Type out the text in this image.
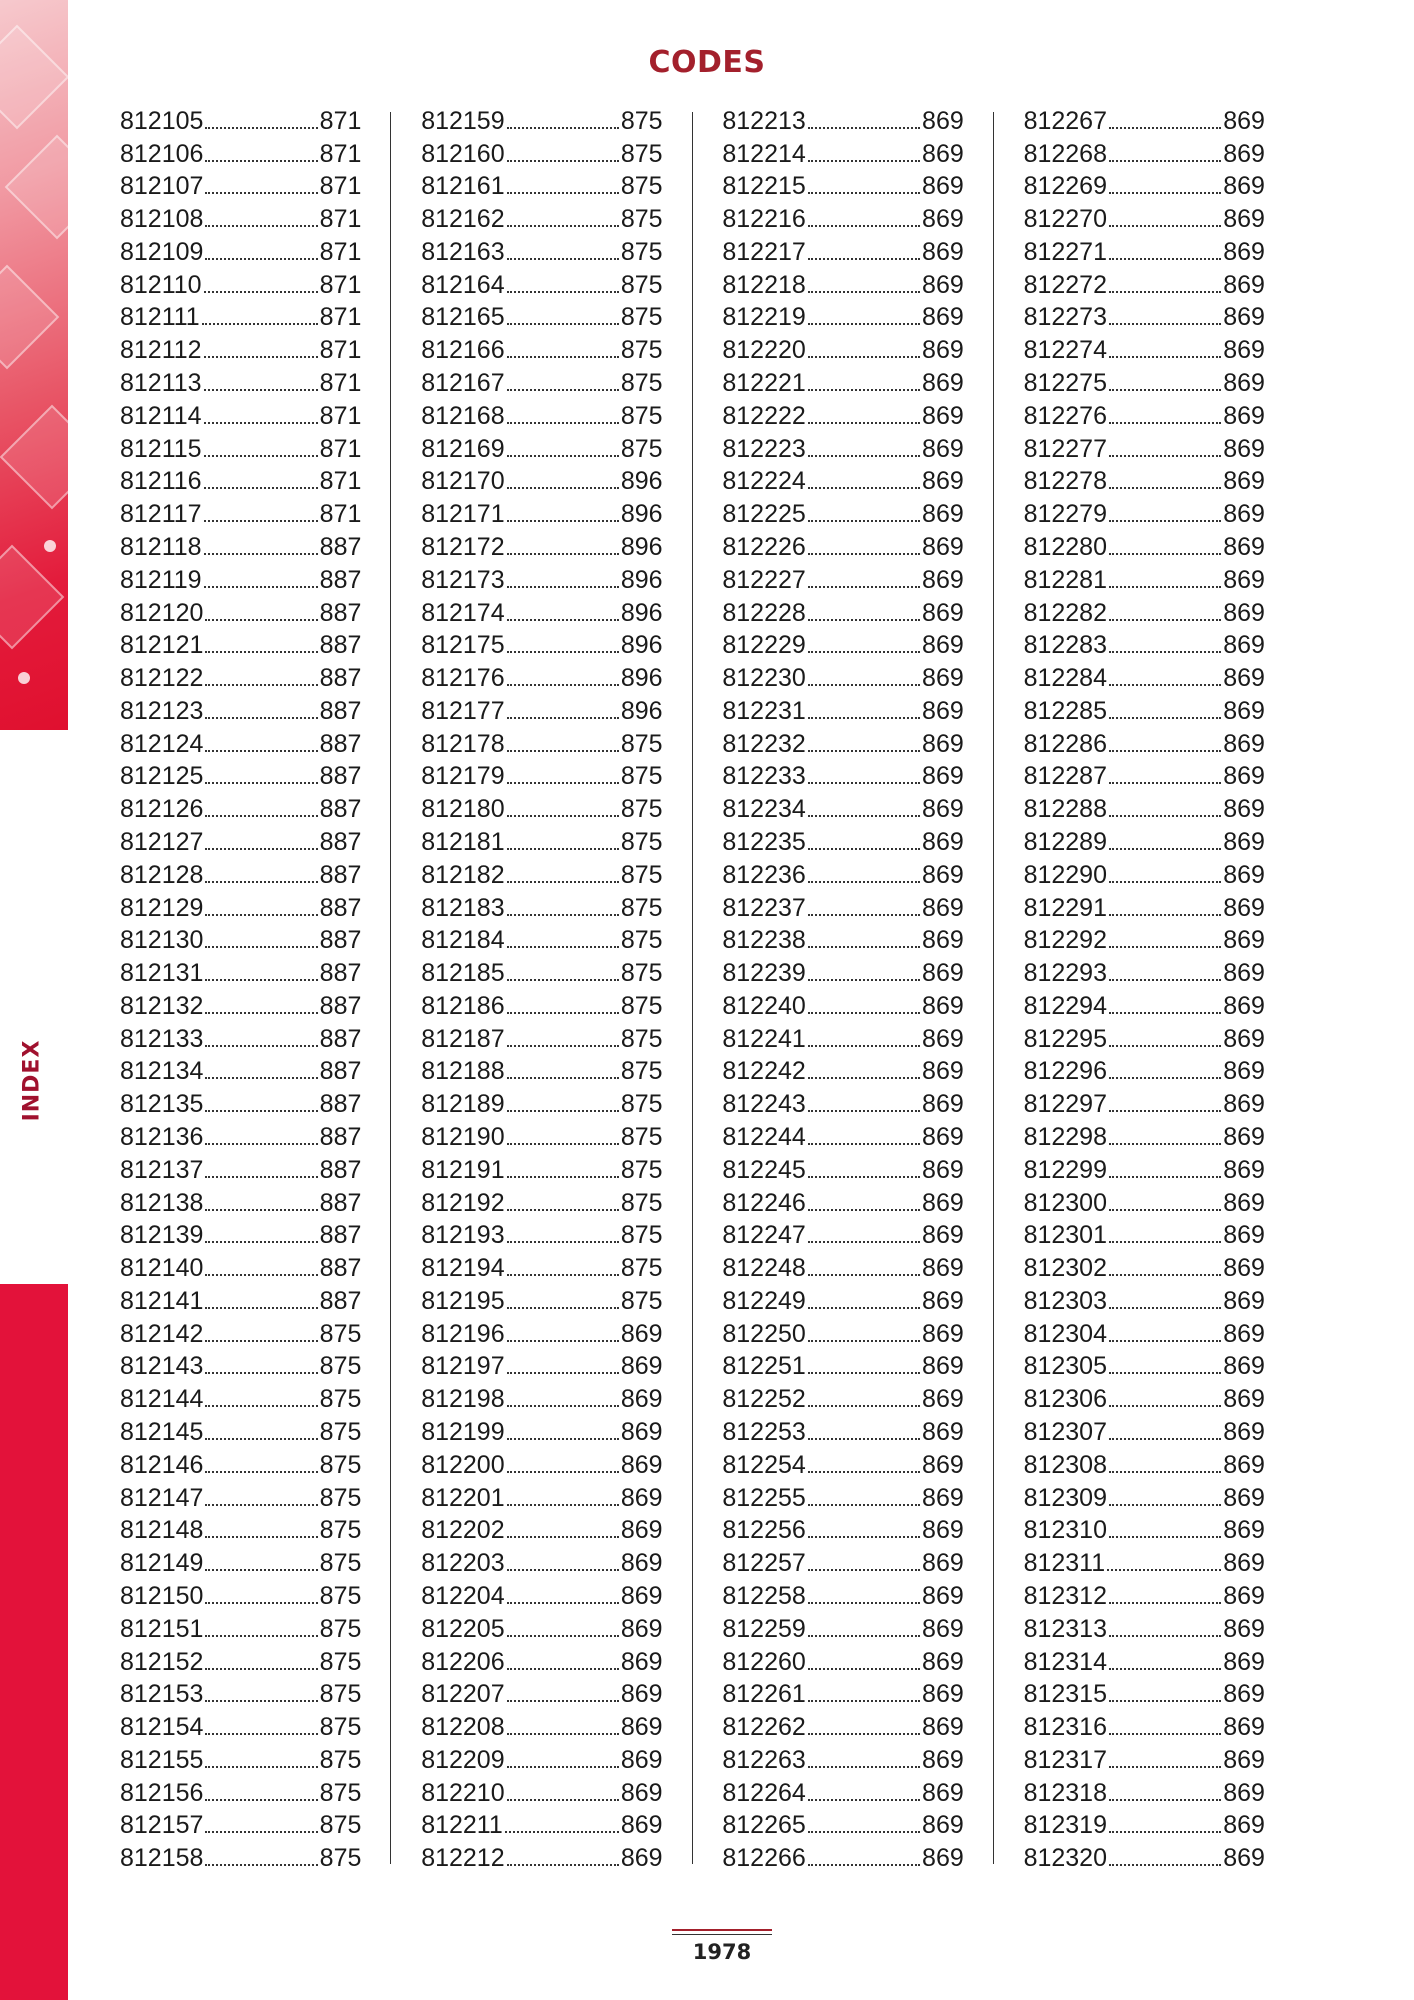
INDEX
CODES
812105	871
812106	871
812107	871
812108	871
812109	871
812110	871
812111	871
812112	871
812113	871
812114	871
812115	871
812116	871
812117	871
812118	887
812119	887
812120	887
812121	887
812122	887
812123	887
812124	887
812125	887
812126	887
812127	887
812128	887
812129	887
812130	887
812131	887
812132	887
812133	887
812134	887
812135	887
812136	887
812137	887
812138	887
812139	887
812140	887
812141	887
812142	875
812143	875
812144	875
812145	875
812146	875
812147	875
812148	875
812149	875
812150	875
812151	875
812152	875
812153	875
812154	875
812155	875
812156	875
812157	875
812158	875
812159	875
812160	875
812161	875
812162	875
812163	875
812164	875
812165	875
812166	875
812167	875
812168	875
812169	875
812170	896
812171	896
812172	896
812173	896
812174	896
812175	896
812176	896
812177	896
812178	875
812179	875
812180	875
812181	875
812182	875
812183	875
812184	875
812185	875
812186	875
812187	875
812188	875
812189	875
812190	875
812191	875
812192	875
812193	875
812194	875
812195	875
812196	869
812197	869
812198	869
812199	869
812200	869
812201	869
812202	869
812203	869
812204	869
812205	869
812206	869
812207	869
812208	869
812209	869
812210	869
812211	869
812212	869
812213	869
812214	869
812215	869
812216	869
812217	869
812218	869
812219	869
812220	869
812221	869
812222	869
812223	869
812224	869
812225	869
812226	869
812227	869
812228	869
812229	869
812230	869
812231	869
812232	869
812233	869
812234	869
812235	869
812236	869
812237	869
812238	869
812239	869
812240	869
812241	869
812242	869
812243	869
812244	869
812245	869
812246	869
812247	869
812248	869
812249	869
812250	869
812251	869
812252	869
812253	869
812254	869
812255	869
812256	869
812257	869
812258	869
812259	869
812260	869
812261	869
812262	869
812263	869
812264	869
812265	869
812266	869
812267	869
812268	869
812269	869
812270	869
812271	869
812272	869
812273	869
812274	869
812275	869
812276	869
812277	869
812278	869
812279	869
812280	869
812281	869
812282	869
812283	869
812284	869
812285	869
812286	869
812287	869
812288	869
812289	869
812290	869
812291	869
812292	869
812293	869
812294	869
812295	869
812296	869
812297	869
812298	869
812299	869
812300	869
812301	869
812302	869
812303	869
812304	869
812305	869
812306	869
812307	869
812308	869
812309	869
812310	869
812311	869
812312	869
812313	869
812314	869
812315	869
812316	869
812317	869
812318	869
812319	869
812320	869
1978
